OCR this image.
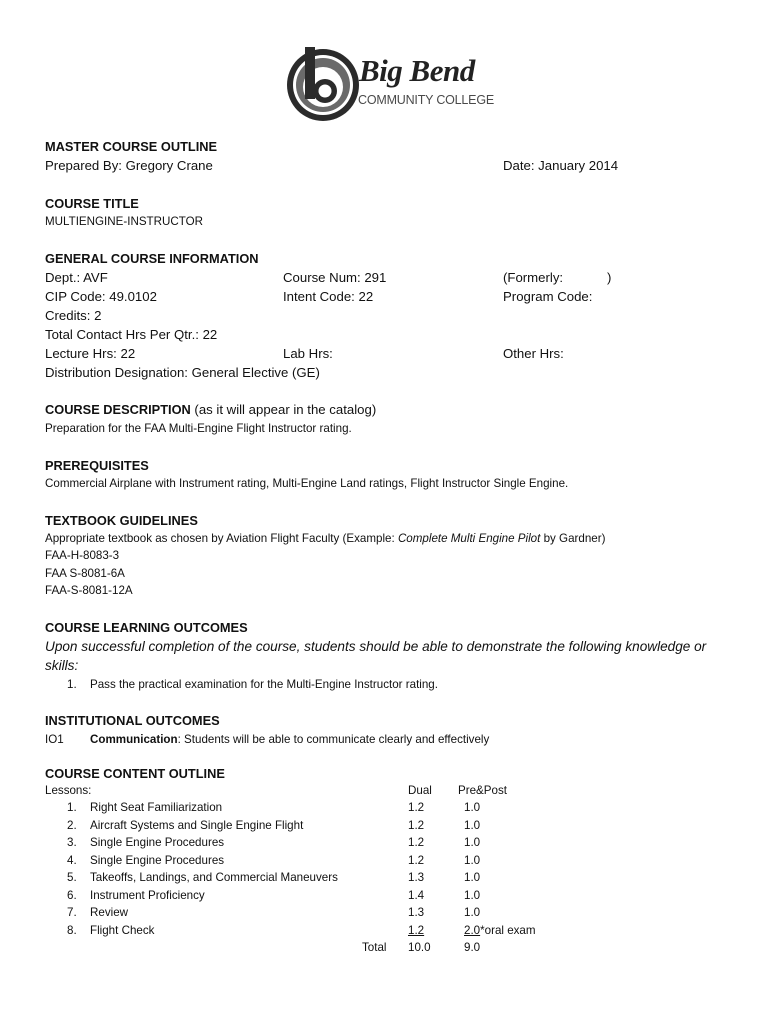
Big Bend
COMMUNITY COLLEGE
MASTER COURSE OUTLINE
Prepared By: Gregory Crane	Date: January 2014
COURSE TITLE
MULTIENGINE-INSTRUCTOR
GENERAL COURSE INFORMATION
Dept.: AVF	Course Num: 291	(Formerly:            )
CIP Code: 49.0102	Intent Code: 22	Program Code:
Credits: 2
Total Contact Hrs Per Qtr.: 22
Lecture Hrs: 22	Lab Hrs:	Other Hrs:
Distribution Designation: General Elective (GE)
COURSE DESCRIPTION (as it will appear in the catalog)
Preparation for the FAA Multi-Engine Flight Instructor rating.
PREREQUISITES
Commercial Airplane with Instrument rating, Multi-Engine Land ratings, Flight Instructor Single Engine.
TEXTBOOK GUIDELINES
Appropriate textbook as chosen by Aviation Flight Faculty (Example: Complete Multi Engine Pilot by Gardner)
FAA-H-8083-3
FAA S-8081-6A
FAA-S-8081-12A
COURSE LEARNING OUTCOMES
Upon successful completion of the course, students should be able to demonstrate the following knowledge or
skills:
1. Pass the practical examination for the Multi-Engine Instructor rating.
INSTITUTIONAL OUTCOMES
IO1 Communication: Students will be able to communicate clearly and effectively
COURSE CONTENT OUTLINE
Lessons:	Dual Pre&Post
1. Right Seat Familiarization	1.2	1.0
2. Aircraft Systems and Single Engine Flight	1.2	1.0
3. Single Engine Procedures	1.2	1.0
4. Single Engine Procedures	1.2	1.0
5. Takeoffs, Landings, and Commercial Maneuvers	1.3	1.0
6. Instrument Proficiency	1.4	1.0
7. Review	1.3	1.0
8. Flight Check	1.2	2.0*oral exam
Total 10.0	9.0
